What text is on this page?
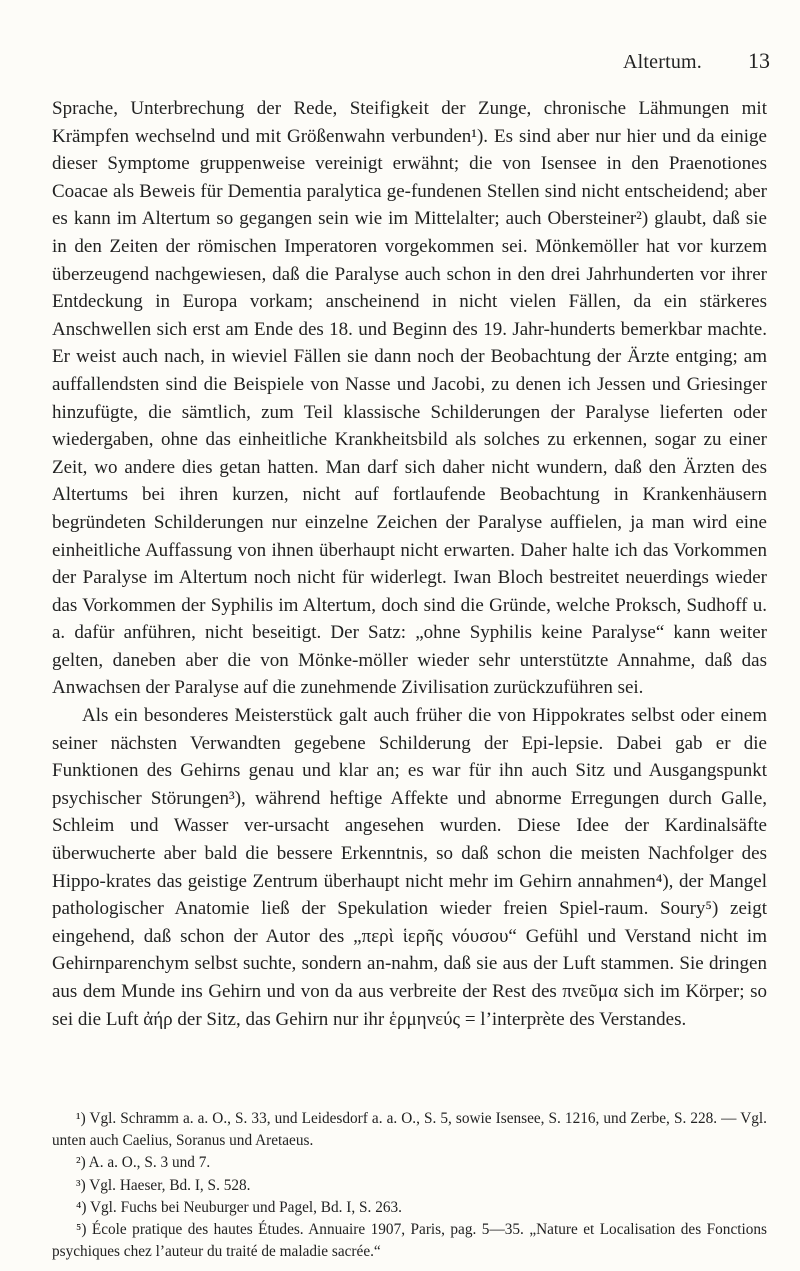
Altertum. 13

Sprache, Unterbrechung der Rede, Steifigkeit der Zunge, chronische Lähmungen mit Krämpfen wechselnd und mit Größenwahn verbunden¹). Es sind aber nur hier und da einige dieser Symptome gruppenweise vereinigt erwähnt; die von Isensee in den Praenotiones Coacae als Beweis für Dementia paralytica ge-fundenen Stellen sind nicht entscheidend; aber es kann im Altertum so gegangen sein wie im Mittelalter; auch Obersteiner²) glaubt, daß sie in den Zeiten der römischen Imperatoren vorgekommen sei. Mönkemöller hat vor kurzem überzeugend nachgewiesen, daß die Paralyse auch schon in den drei Jahrhunderten vor ihrer Entdeckung in Europa vorkam; anscheinend in nicht vielen Fällen, da ein stärkeres Anschwellen sich erst am Ende des 18. und Beginn des 19. Jahr-hunderts bemerkbar machte. Er weist auch nach, in wieviel Fällen sie dann noch der Beobachtung der Ärzte entging; am auffallendsten sind die Beispiele von Nasse und Jacobi, zu denen ich Jessen und Griesinger hinzufügte, die sämtlich, zum Teil klassische Schilderungen der Paralyse lieferten oder wiedergaben, ohne das einheitliche Krankheitsbild als solches zu erkennen, sogar zu einer Zeit, wo andere dies getan hatten. Man darf sich daher nicht wundern, daß den Ärzten des Altertums bei ihren kurzen, nicht auf fortlaufende Beobachtung in Krankenhäusern begründeten Schilderungen nur einzelne Zeichen der Paralyse auffielen, ja man wird eine einheitliche Auffassung von ihnen überhaupt nicht erwarten. Daher halte ich das Vorkommen der Paralyse im Altertum noch nicht für widerlegt. Iwan Bloch bestreitet neuerdings wieder das Vorkommen der Syphilis im Altertum, doch sind die Gründe, welche Proksch, Sudhoff u. a. dafür anführen, nicht beseitigt. Der Satz: „ohne Syphilis keine Paralyse“ kann weiter gelten, daneben aber die von Mönke-möller wieder sehr unterstützte Annahme, daß das Anwachsen der Paralyse auf die zunehmende Zivilisation zurückzuführen sei.

Als ein besonderes Meisterstück galt auch früher die von Hippokrates selbst oder einem seiner nächsten Verwandten gegebene Schilderung der Epi-lepsie. Dabei gab er die Funktionen des Gehirns genau und klar an; es war für ihn auch Sitz und Ausgangspunkt psychischer Störungen³), während heftige Affekte und abnorme Erregungen durch Galle, Schleim und Wasser ver-ursacht angesehen wurden. Diese Idee der Kardinalsäfte überwucherte aber bald die bessere Erkenntnis, so daß schon die meisten Nachfolger des Hippo-krates das geistige Zentrum überhaupt nicht mehr im Gehirn annahmen⁴), der Mangel pathologischer Anatomie ließ der Spekulation wieder freien Spiel-raum. Soury⁵) zeigt eingehend, daß schon der Autor des „περὶ ἱερῆς νόυσου“ Gefühl und Verstand nicht im Gehirnparenchym selbst suchte, sondern an-nahm, daß sie aus der Luft stammen. Sie dringen aus dem Munde ins Gehirn und von da aus verbreite der Rest des πνεῦμα sich im Körper; so sei die Luft ἀήρ der Sitz, das Gehirn nur ihr ἑρμηνεύς = l’interprète des Verstandes.

¹) Vgl. Schramm a. a. O., S. 33, und Leidesdorf a. a. O., S. 5, sowie Isensee, S. 1216, und Zerbe, S. 228. — Vgl. unten auch Caelius, Soranus und Aretaeus.

²) A. a. O., S. 3 und 7.

³) Vgl. Haeser, Bd. I, S. 528.

⁴) Vgl. Fuchs bei Neuburger und Pagel, Bd. I, S. 263.

⁵) École pratique des hautes Études. Annuaire 1907, Paris, pag. 5—35. „Nature et Localisation des Fonctions psychiques chez l’auteur du traité de maladie sacrée.“
